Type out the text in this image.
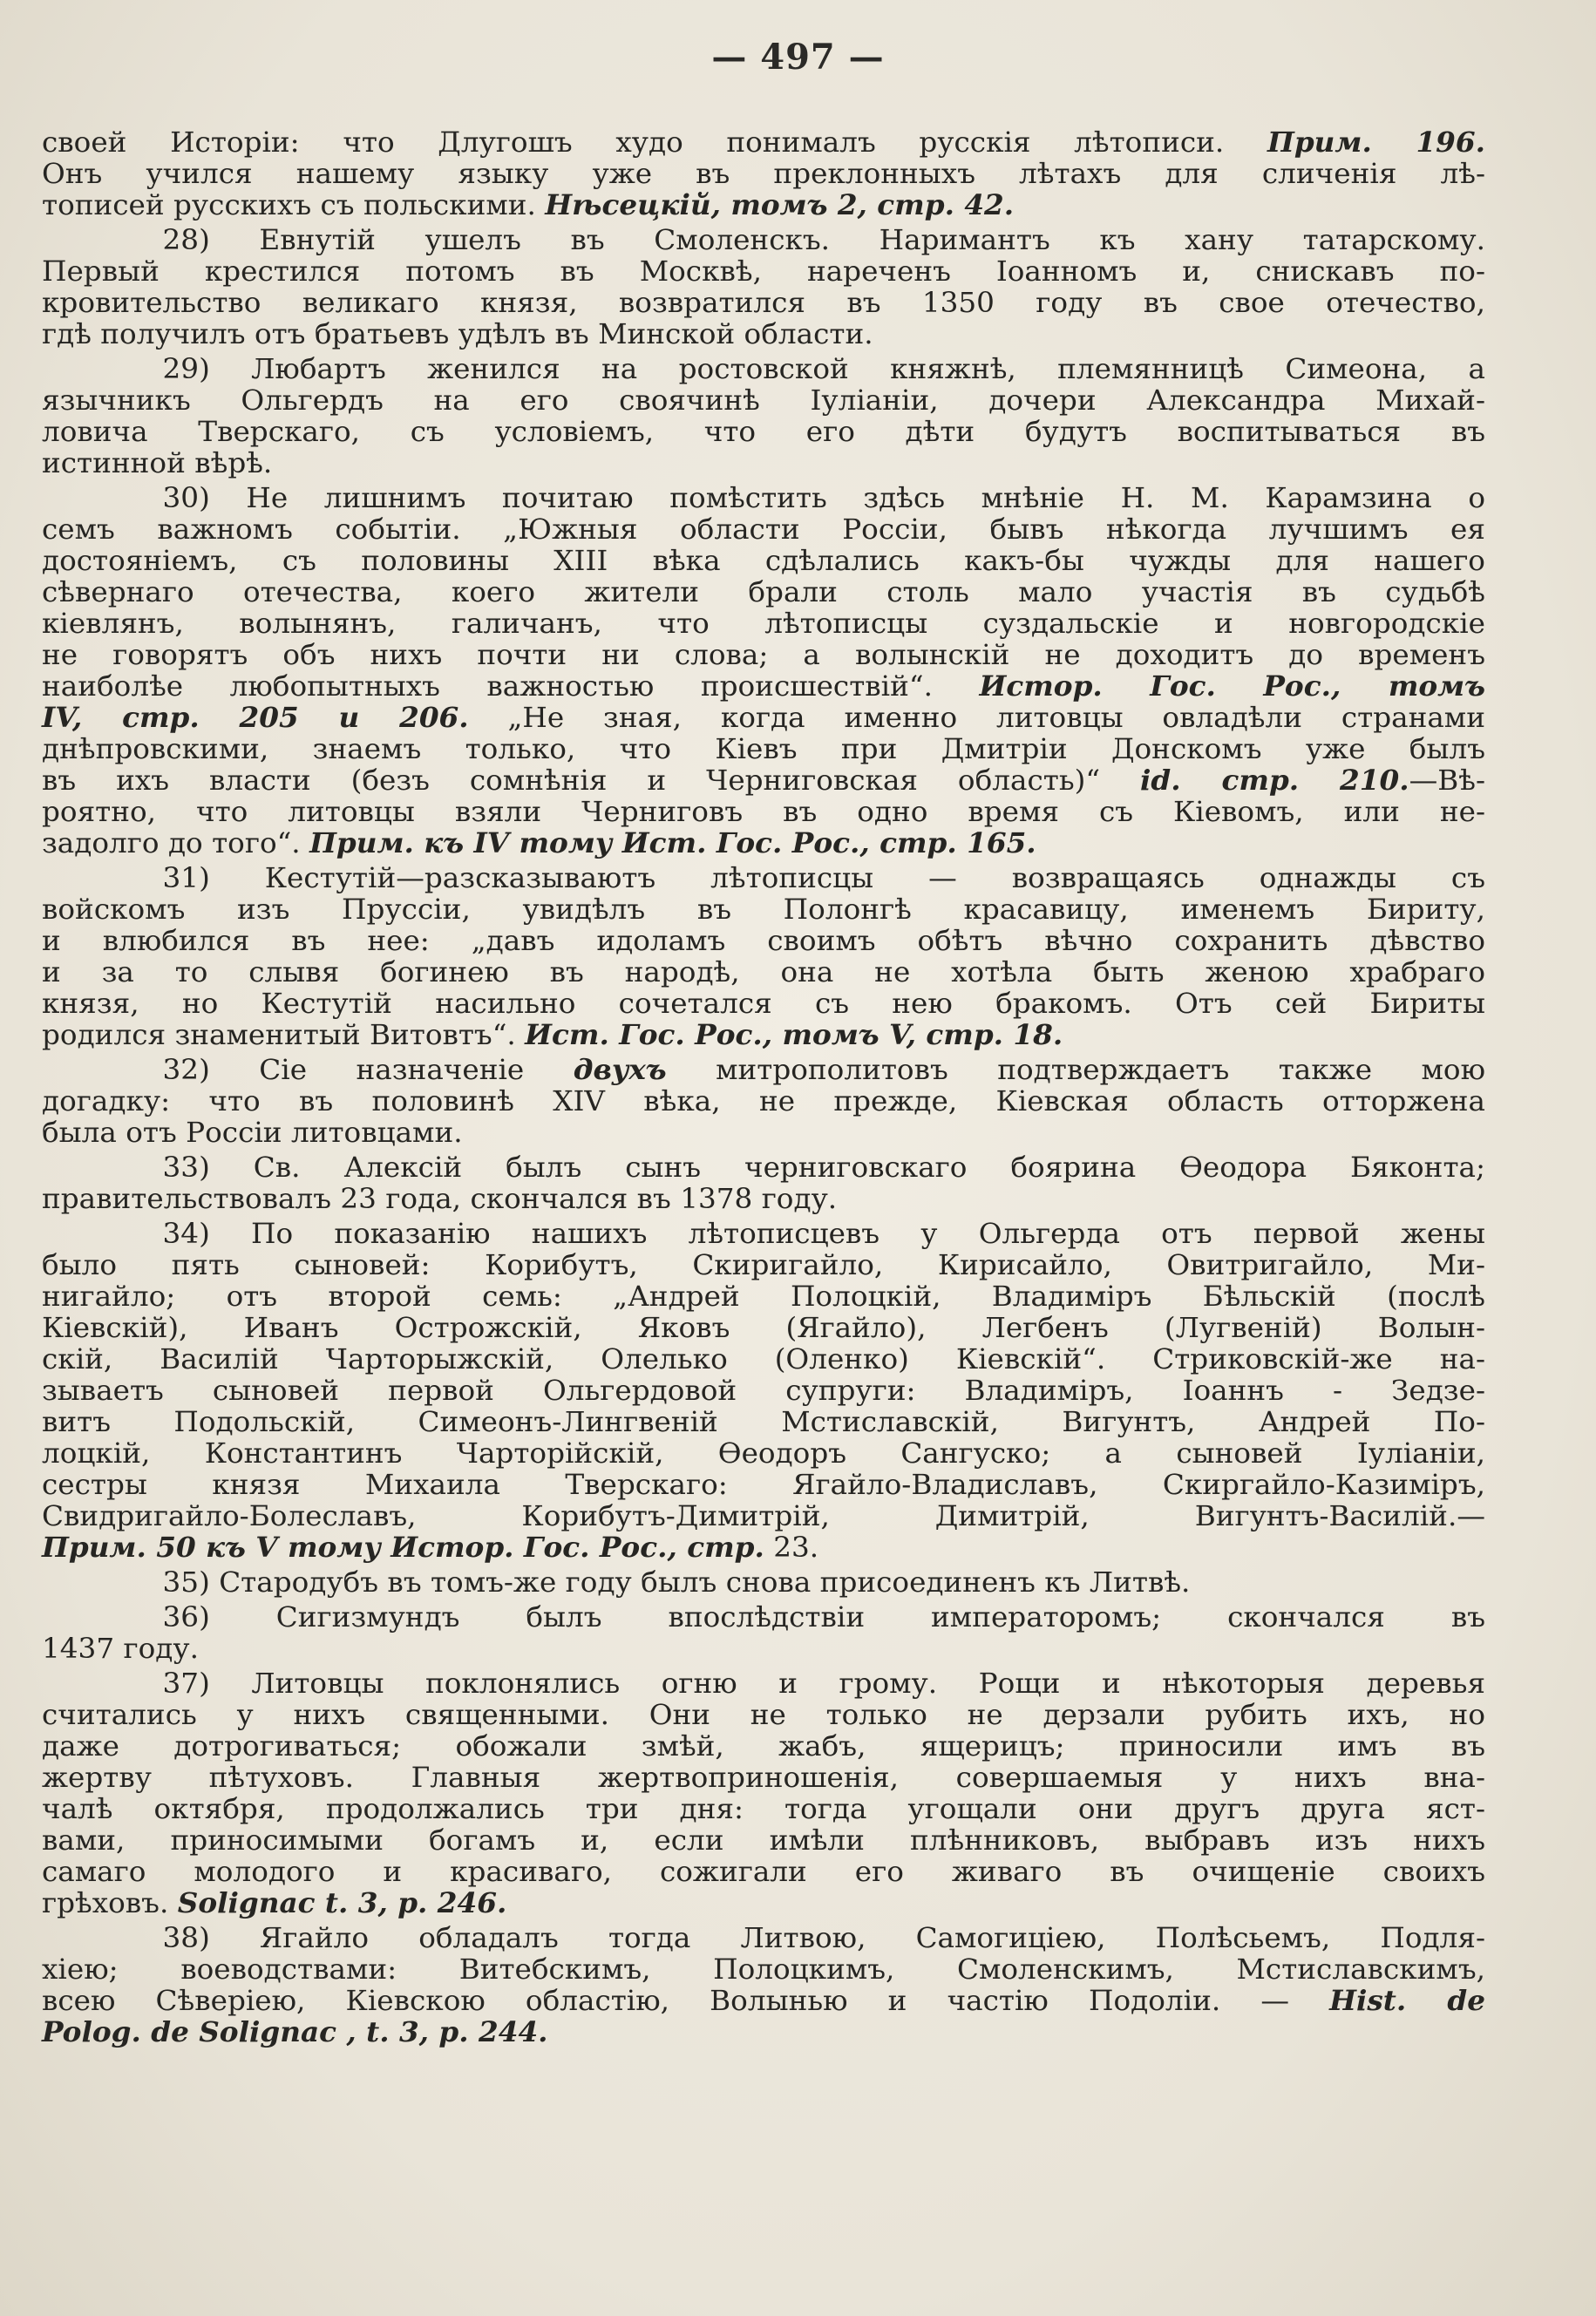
— 497 —
своей Исторіи: что Длугошъ худо понималъ русскія лѣтописи. Прим. 196.
Онъ учился нашему языку уже въ преклонныхъ лѣтахъ для сличенія лѣ-
тописей русскихъ съ польскими. Нѣсецкій, томъ 2, стр. 42.
28) Евнутій ушелъ въ Смоленскъ. Наримантъ къ хану татарскому.
Первый крестился потомъ въ Москвѣ, нареченъ Іоанномъ и, снискавъ по-
кровительство великаго князя, возвратился въ 1350 году въ свое отечество,
гдѣ получилъ отъ братьевъ удѣлъ въ Минской области.
29) Любартъ женился на ростовской княжнѣ, племянницѣ Симеона, а
язычникъ Ольгердъ на его своячинѣ Іуліаніи, дочери Александра Михай-
ловича Тверскаго, съ условіемъ, что его дѣти будутъ воспитываться въ
истинной вѣрѣ.
30) Не лишнимъ почитаю помѣстить здѣсь мнѣніе Н. М. Карамзина о
семъ важномъ событіи. „Южныя области Россіи, бывъ нѣкогда лучшимъ ея
достояніемъ, съ половины XIII вѣка сдѣлались какъ-бы чужды для нашего
сѣвернаго отечества, коего жители брали столь мало участія въ судьбѣ
кіевлянъ, волынянъ, галичанъ, что лѣтописцы суздальскіе и новгородскіе
не говорятъ объ нихъ почти ни слова; а волынскій не доходитъ до временъ
наиболѣе любопытныхъ важностью происшествій“. Истор. Гос. Рос., томъ
IV, стр. 205 и 206. „Не зная, когда именно литовцы овладѣли странами
днѣпровскими, знаемъ только, что Кіевъ при Дмитріи Донскомъ уже былъ
въ ихъ власти (безъ сомнѣнія и Черниговская область)“ id. стр. 210.—Вѣ-
роятно, что литовцы взяли Черниговъ въ одно время съ Кіевомъ, или не-
задолго до того“. Прим. къ IV тому Ист. Гос. Рос., стр. 165.
31) Кестутій—разсказываютъ лѣтописцы — возвращаясь однажды съ
войскомъ изъ Пруссіи, увидѣлъ въ Полонгѣ красавицу, именемъ Бириту,
и влюбился въ нее: „давъ идоламъ своимъ обѣтъ вѣчно сохранить дѣвство
и за то слывя богинею въ народѣ, она не хотѣла быть женою храбраго
князя, но Кестутій насильно сочетался съ нею бракомъ. Отъ сей Бириты
родился знаменитый Витовтъ“. Ист. Гос. Рос., томъ V, стр. 18.
32) Сіе назначеніе двухъ митрополитовъ подтверждаетъ также мою
догадку: что въ половинѣ XIV вѣка, не прежде, Кіевская область отторжена
была отъ Россіи литовцами.
33) Св. Алексій былъ сынъ черниговскаго боярина Ѳеодора Бяконта;
правительствовалъ 23 года, скончался въ 1378 году.
34) По показанію нашихъ лѣтописцевъ у Ольгерда отъ первой жены
было пять сыновей: Корибутъ, Скиригайло, Кирисайло, Овитригайло, Ми-
нигайло; отъ второй семь: „Андрей Полоцкій, Владиміръ Бѣльскій (послѣ
Кіевскій), Иванъ Острожскій, Яковъ (Ягайло), Легбенъ (Лугвеній) Волын-
скій, Василій Чарторыжскій, Олелько (Оленко) Кіевскій“. Стриковскій-же на-
зываетъ сыновей первой Ольгердовой супруги: Владиміръ, Іоаннъ - Зедзе-
витъ Подольскій, Симеонъ-Лингвеній Мстиславскій, Вигунтъ, Андрей По-
лоцкій, Константинъ Чарторійскій, Ѳеодоръ Сангуско; а сыновей Іуліаніи,
сестры князя Михаила Тверскаго: Ягайло-Владиславъ, Скиргайло-Казиміръ,
Свидригайло-Болеславъ, Корибутъ-Димитрій, Димитрій, Вигунтъ-Василій.—
Прим. 50 къ V тому Истор. Гос. Рос., стр. 23.
35) Стародубъ въ томъ-же году былъ снова присоединенъ къ Литвѣ.
36) Сигизмундъ былъ впослѣдствіи императоромъ; скончался въ
1437 году.
37) Литовцы поклонялись огню и грому. Рощи и нѣкоторыя деревья
считались у нихъ священными. Они не только не дерзали рубить ихъ, но
даже дотрогиваться; обожали змѣй, жабъ, ящерицъ; приносили имъ въ
жертву пѣтуховъ. Главныя жертвоприношенія, совершаемыя у нихъ вна-
чалѣ октября, продолжались три дня: тогда угощали они другъ друга яст-
вами, приносимыми богамъ и, если имѣли плѣнниковъ, выбравъ изъ нихъ
самаго молодого и красиваго, сожигали его живаго въ очищеніе своихъ
грѣховъ. Solignac t. 3, p. 246.
38) Ягайло обладалъ тогда Литвою, Самогиціею, Полѣсьемъ, Подля-
хіею; воеводствами: Витебскимъ, Полоцкимъ, Смоленскимъ, Мстиславскимъ,
всею Сѣверіею, Кіевскою областію, Волынью и частію Подоліи. — Hist. de
Polog. de Solignac , t. 3, p. 244.
